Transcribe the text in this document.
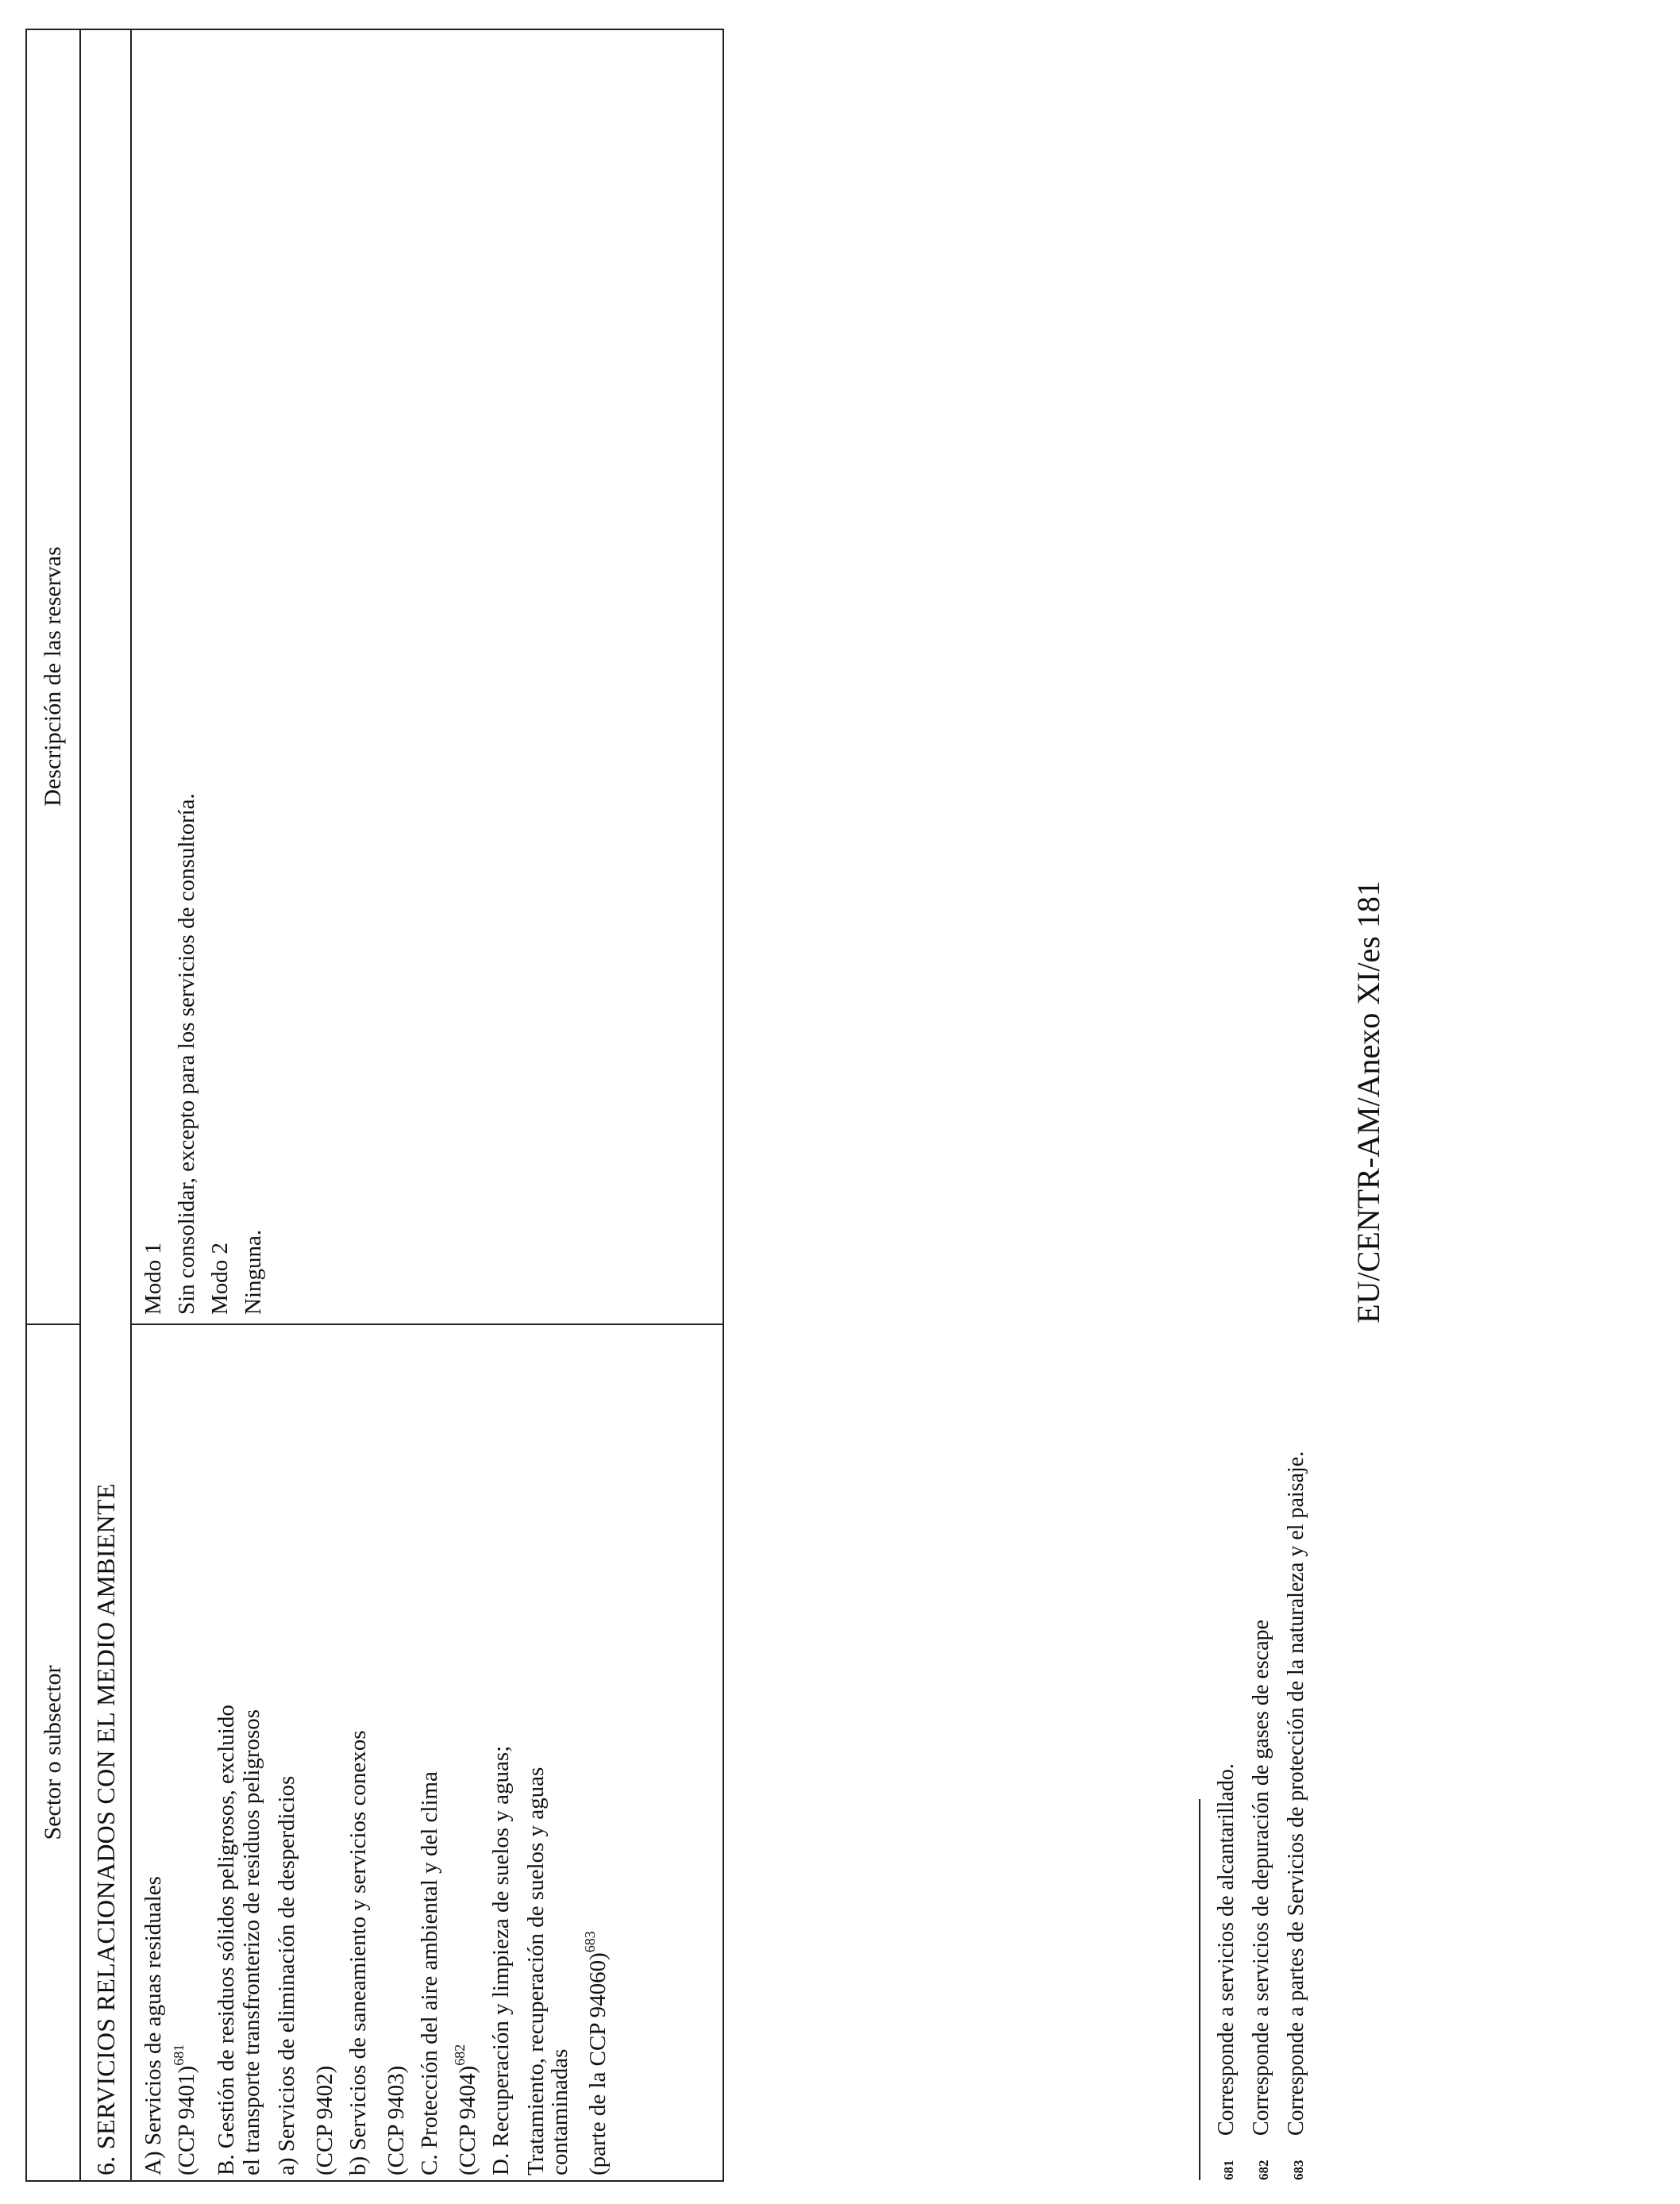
Sector o subsector
Descripción de las reservas
6. SERVICIOS RELACIONADOS CON EL MEDIO AMBIENTE A) Servicios de aguas residuales (CCP 9401)$^{681}$	B. Gestión de residuos sólidos peligrosos, excluido el transporte transfronterizo de residuos peligrosos a) Servicios de eliminación de desperdicios (CCP 9402) b) Servicios de saneamiento y servicios conexos (CCP 9403) C. Protección del aire ambiental y del clima (CCP 9404)$^{682}$ D. Recuperación y limpieza de suelos y aguas; Tratamiento, recuperación de suelos y aguas
contaminadas (parte de la CCP 94060)$^{683}$
Modo 1 Sin consolidar, excepto para los servicios de consultoría. Modo 2 Ninguna.
681Corresponde a servicios de alcantarillado.
682Corresponde a servicios de depuración de gases de escape
683Corresponde a partes de Servicios de protección de la naturaleza y el paisaje.
EU/CENTR-AM/Anexo XI/es 181
